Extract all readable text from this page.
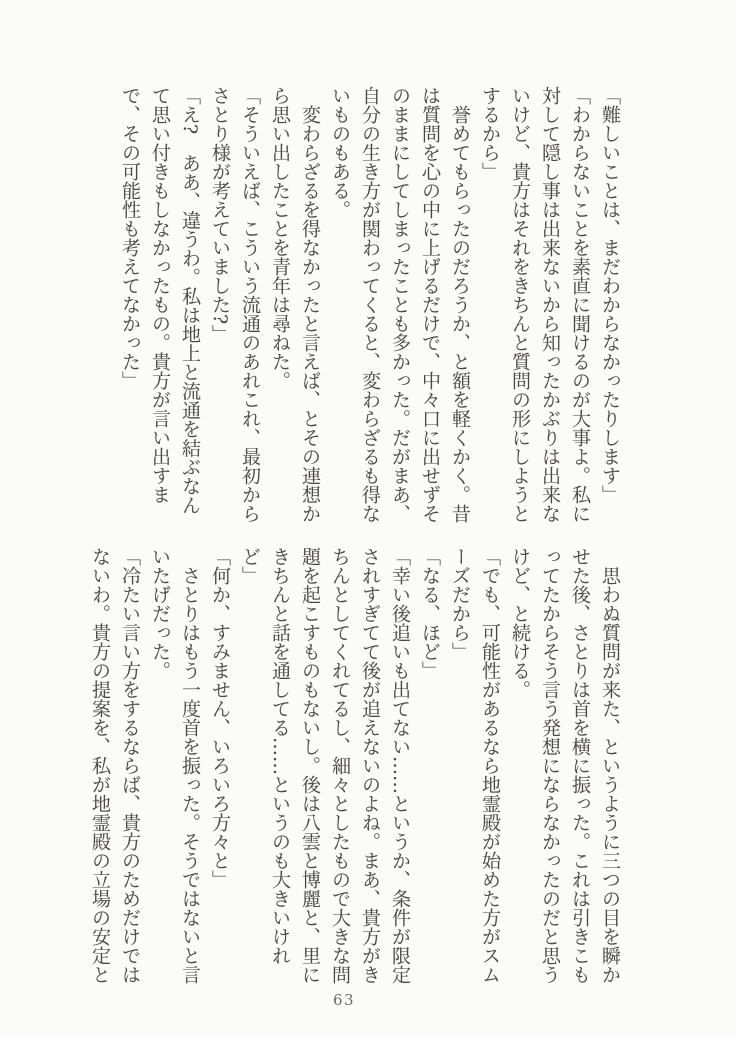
「難しいことは、まだわからなかったりします」

「わからないことを素直に聞けるのが大事よ。私に対して隠し事は出来ないから知ったかぶりは出来ないけど、貴方はそれをきちんと質問の形にしようとするから」

誉めてもらったのだろうか、と額を軽くかく。昔は質問を心の中に上げるだけで、中々口に出せずそのままにしてしまったことも多かった。だがまあ、自分の生き方が関わってくると、変わらざるも得ないものもある。

変わらざるを得なかったと言えば、とその連想から思い出したことを青年は尋ねた。

「そういえば、こういう流通のあれこれ、最初からさとり様が考えていました?」

「え?　ああ、違うわ。私は地上と流通を結ぶなんて思い付きもしなかったもの。貴方が言い出すまで、その可能性も考えてなかった」

思わぬ質問が来た、というように三つの目を瞬かせた後、さとりは首を横に振った。これは引きこもってたからそう言う発想にならなかったのだと思うけど、と続ける。

「でも、可能性があるなら地霊殿が始めた方がスムーズだから」

「なる、ほど」

「幸い後追いも出てない……というか、条件が限定されすぎてて後が追えないのよね。まあ、貴方がきちんとしてくれてるし、細々としたもので大きな問題を起こすものもないし。後は八雲と博麗と、里にきちんと話を通してる……というのも大きいけれど」

「何か、すみません、いろいろ方々と」

さとりはもう一度首を振った。そうではないと言いたげだった。

「冷たい言い方をするならば、貴方のためだけではないわ。貴方の提案を、私が地霊殿の立場の安定と

63
